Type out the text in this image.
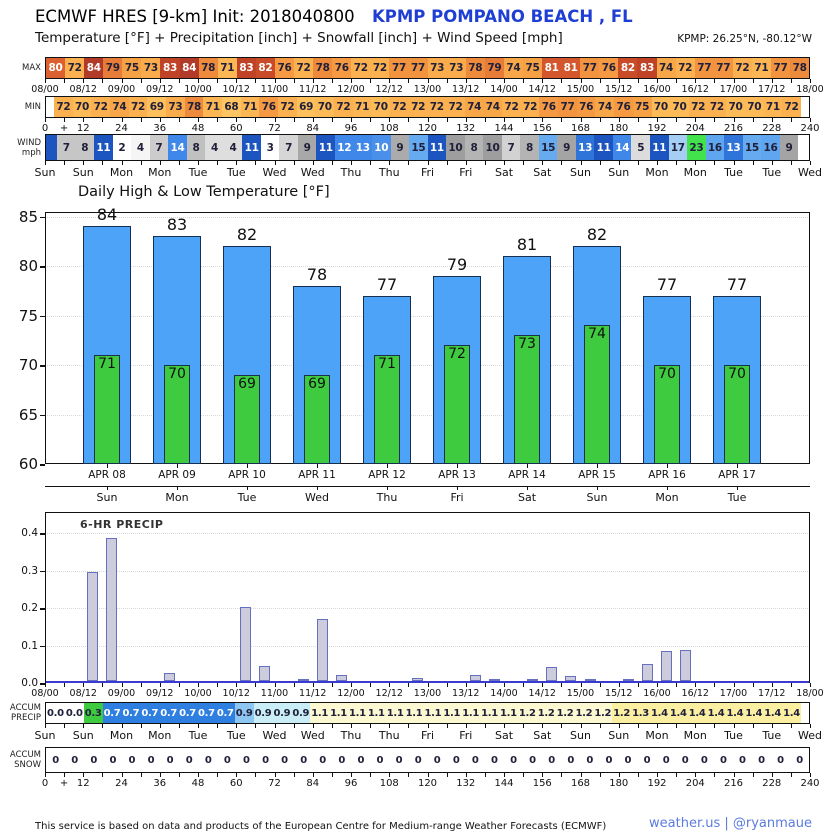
ECMWF HRES [9-km] Init: 2018040800 KPMP POMPANO BEACH , FL
Temperature [°F] + Precipitation [inch] + Snowfall [inch] + Wind Speed [mph]	KPMP: 26.25°N, -80.12°W
This service is based on data and products of the European Centre for Medium-range Weather Forecasts (ECMWF)	weather.us | @ryanmaue
80 72 84 79 75 73 83 84 78 71 83 82 76 72 78 76 72 72 77 77 73 73 78 79 74 75 81 81 77 76 82 83 74 72 77 77 72 71 77 78
MAX
08/00	08/12	09/00	09/12	10/00	10/12	11/00	11/12	12/00	12/12	13/00	13/12	14/00	14/12	15/00	15/12	16/00	16/12	17/00	17/12	18/00
72 70 72 74 72 69 73 78 71 68 71 76 72 69 70 72 71 70 72 72 72 72 74 74 72 72 76 77 76 74 76 75 70 70 72 72 70 70 71 72
MIN
0	+ 12	24	36	48	60	72	84	96	108	120	132	144	156	168	180	192	204	216	228	240
7	8 11 2	4	7 14 8	4	4 11 3	7	9 11 12 13 10 9 15 11 10 8 10 7	8 15 9 13 11 14 5 11 17 23 16 13 15 16 9
WIND
mph
Sun	Sun	Mon	Mon	Tue	Tue	Wed	Wed	Thu	Thu	Fri	Fri	Sat	Sat	Sun	Sun	Mon	Mon	Tue	Tue	Wed
Daily High & Low Temperature [°F]
60
65
70
75
80
85	84
71
APR 08
Sun
83
70
APR 09
Mon
82
69
APR 10
Tue
78
69
APR 11
Wed
77
71
APR 12
Thu
79
72
APR 13
Fri
81
73
APR 14
Sat
82
74
APR 15
Sun
77
70
APR 16
Mon
77
70
APR 17
Tue
6-HR PRECIP
0.0
0.1
0.2
0.3
0.4
08/00	08/12	09/00	09/12	10/00	10/12	11/00	11/12	12/00	12/12	13/00	13/12	14/00	14/12	15/00	15/12	16/00	16/12	17/00	17/12	18/00
0.0 0.0 0.3 0.7 0.7 0.7 0.7 0.7 0.7 0.7 0.9 0.9 0.9 0.9 1.1 1.1 1.1 1.1 1.1 1.1 1.1 1.1 1.1 1.1 1.1 1.2 1.2 1.2 1.2 1.2 1.2 1.3 1.4 1.4 1.4 1.4 1.4 1.4 1.4 1.4
ACCUM
PRECIP
Sun	Sun	Mon	Mon	Tue	Tue	Wed	Wed	Thu	Thu	Fri	Fri	Sat	Sat	Sun	Sun	Mon	Mon	Tue	Tue	Wed
0	0	0	0	0	0	0	0	0	0	0	0	0	0	0	0	0	0	0	0	0	0	0	0	0	0	0	0	0	0	0	0	0	0	0	0	0	0	0	0
ACCUM
SNOW
0	+ 12	24	36	48	60	72	84	96	108	120	132	144	156	168	180	192	204	216	228	240
